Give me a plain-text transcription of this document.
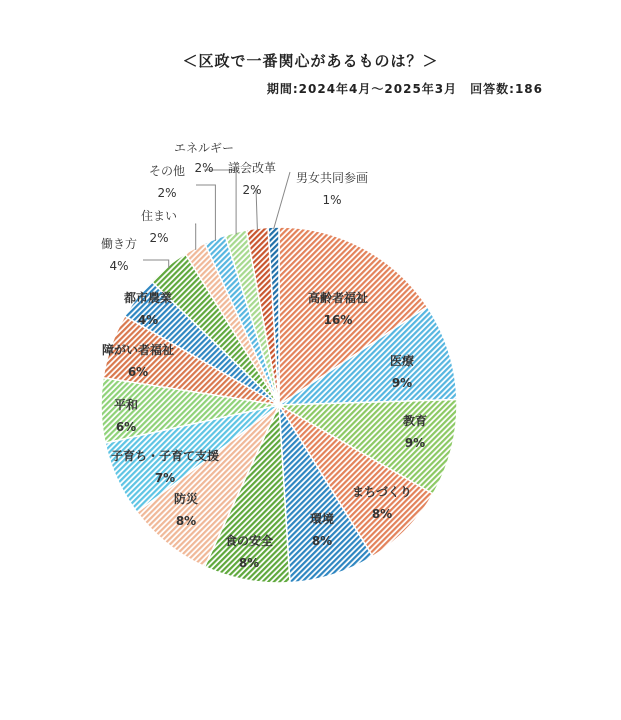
＜区政で一番関心があるものは？＞
期間:2024年4月～2025年3月　回答数:186
高齢者福祉
16%
医療
9%
教育
9%
まちづくり
8%
環境
8%
食の安全
8%
防災
8%
子育ち・子育て支援
7%
平和
6%
障がい者福祉
6%
都市農業
4%
働き方
4%
住まい
2%
その他
2%
エネルギー
2% 議会改革
2%
男女共同参画
1%
